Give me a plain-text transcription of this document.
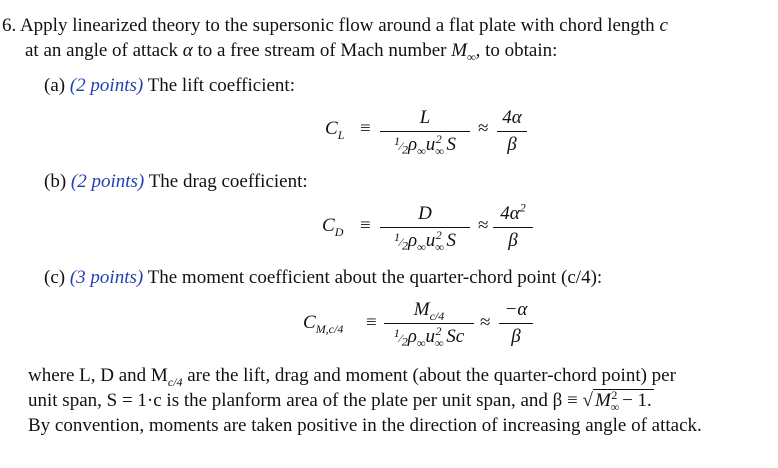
6. Apply linearized theory to the supersonic flow around a flat plate with chord length c
at an angle of attack α to a free stream of Mach number $M_\infty$, to obtain:
(a) (2 points) The lift coefficient:
$C_L$ ≡
L
$^1⁄_2\rho_\infty u_\infty^2$ S
≈
4α
β
(b) (2 points) The drag coefficient:
$C_D$ ≡
D
$^1⁄_2\rho_\infty u_\infty^2$ S
≈
$4\alpha^2$
β
(c) (3 points) The moment coefficient about the quarter-chord point (c/4):
$C_{M,c/4}$ ≡
$M_{c/4}$
$^1⁄_2\rho_\infty u_\infty^2$ Sc
≈
−α
β
where L, D and $M_{c/4}$ are the lift, drag and moment (about the quarter-chord point) per
unit span, S = 1·c is the planform area of the plate per unit span, and β ≡ √ $M_\infty^2 - 1$.
By convention, moments are taken positive in the direction of increasing angle of attack.
